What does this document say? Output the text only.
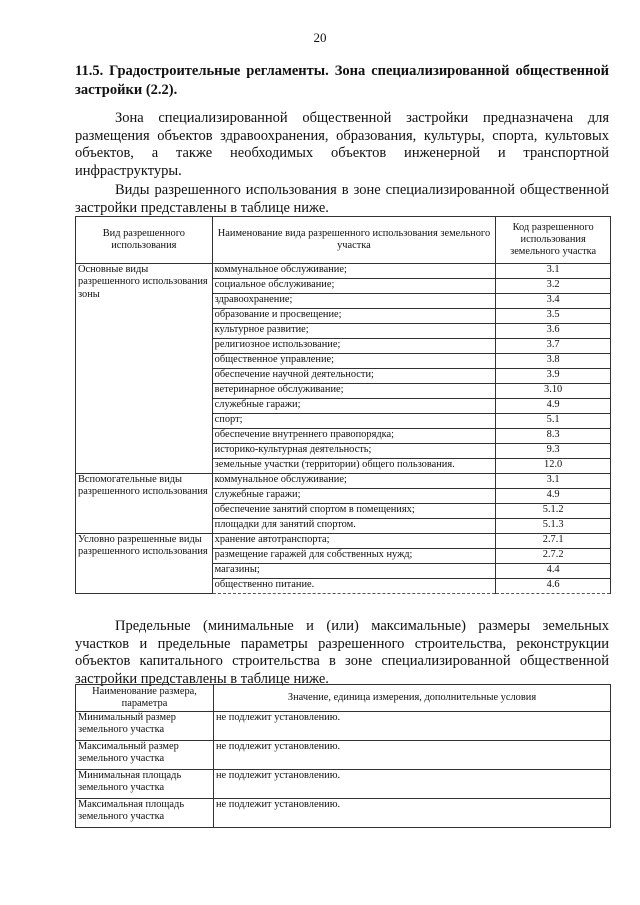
20
11.5. Градостроительные регламенты. Зона специализированной общественной застройки (2.2).
Зона специализированной общественной застройки предназначена для размещения объектов здравоохранения, образования, культуры, спорта, культовых объектов, а также необходимых объектов инженерной и транспортной инфраструктуры.
Виды разрешенного использования в зоне специализированной общественной застройки представлены в таблице ниже.
Вид разрешенного использования	Наименование вида разрешенного использования земельного участка	Код разрешенного использования земельного участка
Основные виды разрешенного использования зоны	коммунальное обслуживание;	3.1
	социальное обслуживание;	3.2
	здравоохранение;	3.4
	образование и просвещение;	3.5
	культурное развитие;	3.6
	религиозное использование;	3.7
	общественное управление;	3.8
	обеспечение научной деятельности;	3.9
	ветеринарное обслуживание;	3.10
	служебные гаражи;	4.9
	спорт;	5.1
	обеспечение внутреннего правопорядка;	8.3
	историко-культурная деятельность;	9.3
	земельные участки (территории) общего пользования.	12.0
Вспомогательные виды разрешенного использования	коммунальное обслуживание;	3.1
	служебные гаражи;	4.9
	обеспечение занятий спортом в помещениях;	5.1.2
	площадки для занятий спортом.	5.1.3
Условно разрешенные виды разрешенного использования	хранение автотранспорта;	2.7.1
	размещение гаражей для собственных нужд;	2.7.2
	магазины;	4.4
	общественно питание.	4.6
Предельные (минимальные и (или) максимальные) размеры земельных участков и предельные параметры разрешенного строительства, реконструкции объектов капитального строительства в зоне специализированной общественной застройки представлены в таблице ниже.
Наименование размера, параметра	Значение, единица измерения, дополнительные условия
Минимальный размер земельного участка	не подлежит установлению.
Максимальный размер земельного участка	не подлежит установлению.
Минимальная площадь земельного участка	не подлежит установлению.
Максимальная площадь земельного участка	не подлежит установлению.
